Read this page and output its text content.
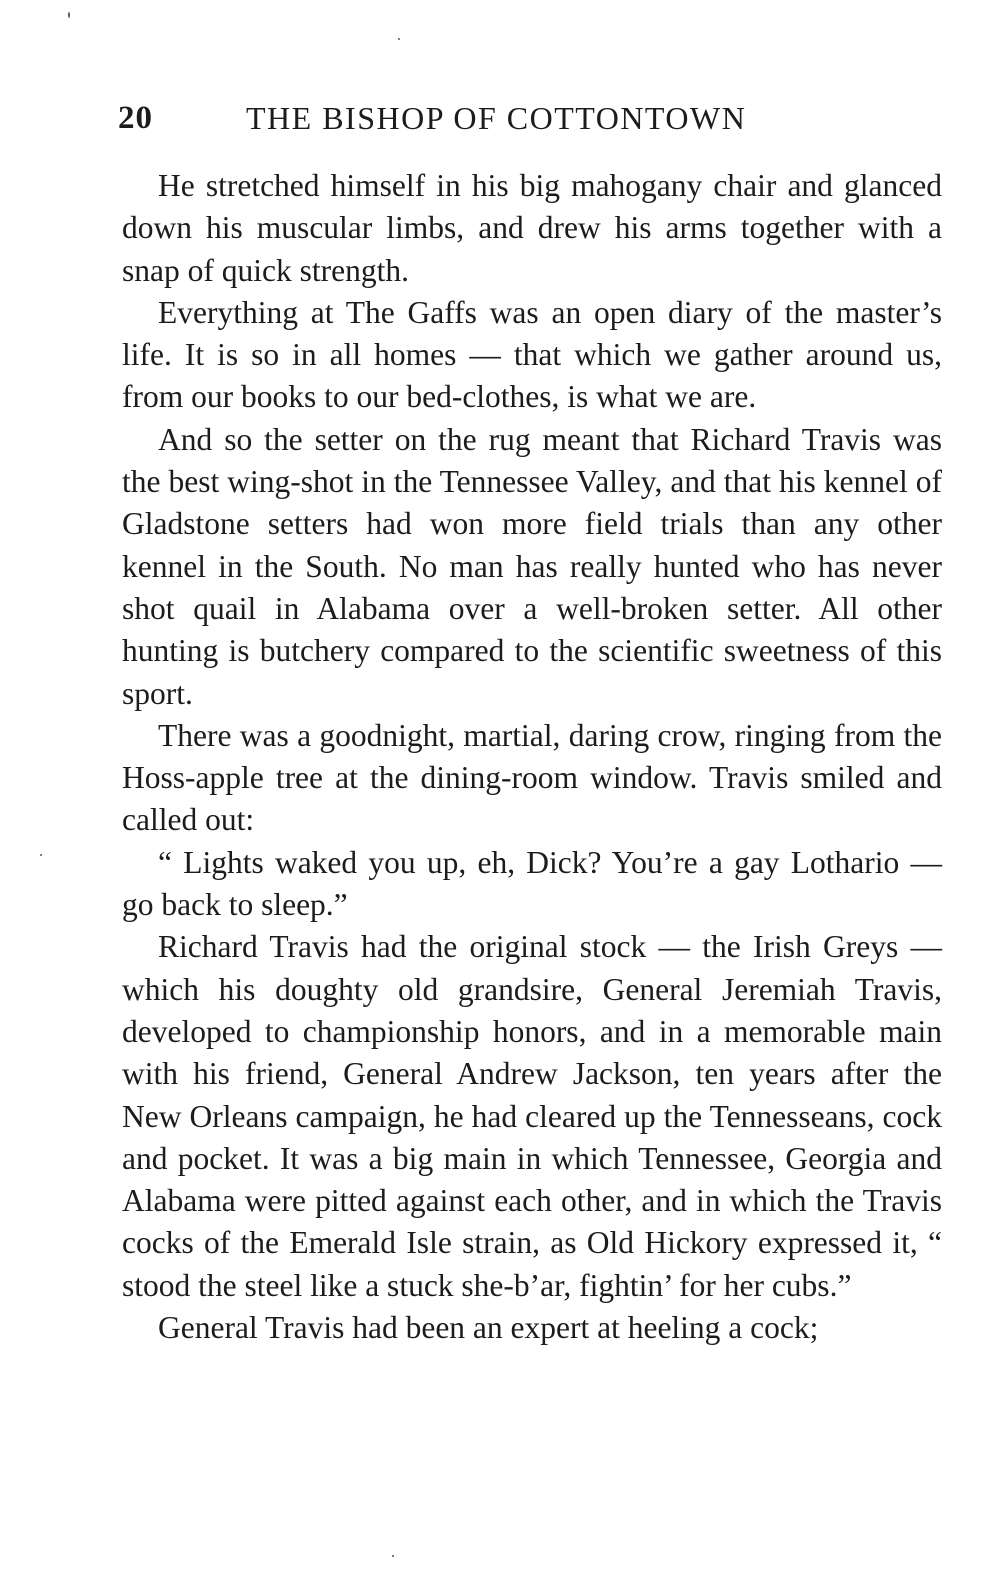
20	THE BISHOP OF COTTONTOWN

He stretched himself in his big mahogany chair and glanced down his muscular limbs, and drew his arms together with a snap of quick strength.

Everything at The Gaffs was an open diary of the master’s life. It is so in all homes — that which we gather around us, from our books to our bed-clothes, is what we are.

And so the setter on the rug meant that Richard Travis was the best wing-shot in the Tennessee Valley, and that his kennel of Gladstone setters had won more field trials than any other kennel in the South. No man has really hunted who has never shot quail in Alabama over a well-broken setter. All other hunting is butchery compared to the scientific sweetness of this sport.

There was a goodnight, martial, daring crow, ringing from the Hoss-apple tree at the dining-room window. Travis smiled and called out:

“ Lights waked you up, eh, Dick? You’re a gay Lothario — go back to sleep.”

Richard Travis had the original stock — the Irish Greys — which his doughty old grandsire, General Jeremiah Travis, developed to championship honors, and in a memorable main with his friend, General Andrew Jackson, ten years after the New Orleans campaign, he had cleared up the Tennesseans, cock and pocket. It was a big main in which Tennessee, Georgia and Alabama were pitted against each other, and in which the Travis cocks of the Emerald Isle strain, as Old Hickory expressed it, “ stood the steel like a stuck she-b’ar, fightin’ for her cubs.”

General Travis had been an expert at heeling a cock;
